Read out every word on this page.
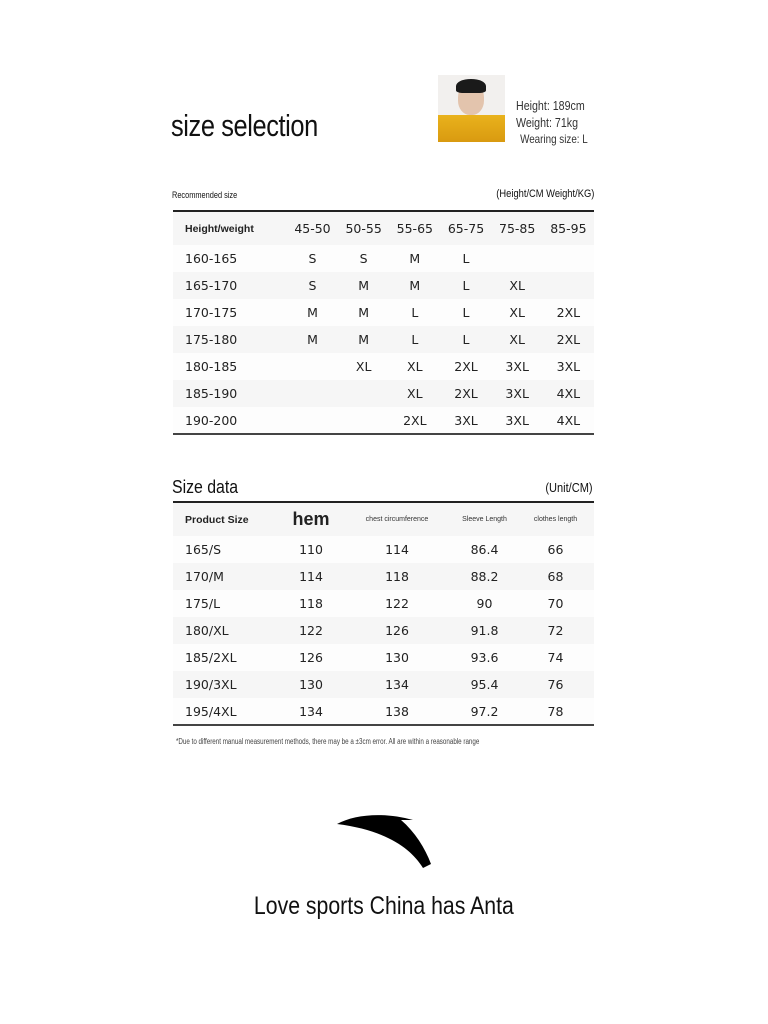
size selection
Height: 189cm
Weight: 71kg
Wearing size: L
Recommended size	(Height/CM Weight/KG)
Height/weight	45-50	50-55	55-65	65-75	75-85	85-95
160-165	S	S	M	L		
165-170	S	M	M	L	XL	
170-175	M	M	L	L	XL	2XL
175-180	M	M	L	L	XL	2XL
180-185		XL	XL	2XL	3XL	3XL
185-190			XL	2XL	3XL	4XL
190-200			2XL	3XL	3XL	4XL
Size data	(Unit/CM)
Product Size	hem	chest circumference	Sleeve Length	clothes length
165/S	110	114	86.4	66
170/M	114	118	88.2	68
175/L	118	122	90	70
180/XL	122	126	91.8	72
185/2XL	126	130	93.6	74
190/3XL	130	134	95.4	76
195/4XL	134	138	97.2	78
*Due to different manual measurement methods, there may be a ±3cm error. All are within a reasonable range
Love sports China has Anta
